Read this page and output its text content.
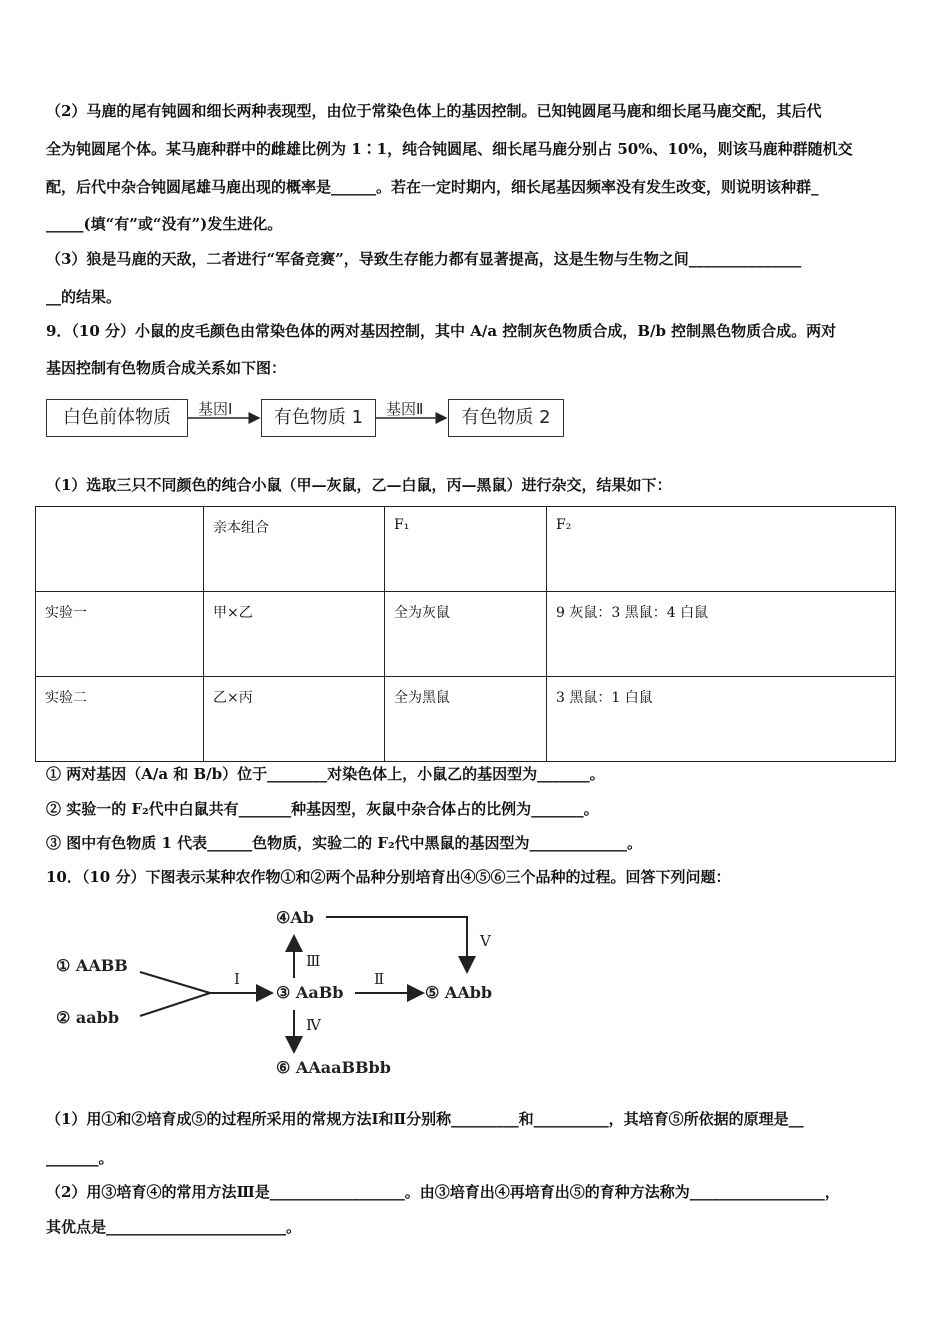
（2）马鹿的尾有钝圆和细长两种表现型，由位于常染色体上的基因控制。已知钝圆尾马鹿和细长尾马鹿交配，其后代
全为钝圆尾个体。某马鹿种群中的雌雄比例为 1∶1，纯合钝圆尾、细长尾马鹿分别占 50%、10%，则该马鹿种群随机交
配，后代中杂合钝圆尾雄马鹿出现的概率是______。若在一定时期内，细长尾基因频率没有发生改变，则说明该种群_
_____(填“有”或“没有”)发生进化。
（3）狼是马鹿的天敌，二者进行“军备竞赛”，导致生存能力都有显著提高，这是生物与生物之间_______________
__的结果。
9．（10 分）小鼠的皮毛颜色由常染色体的两对基因控制，其中 A/a 控制灰色物质合成，B/b 控制黑色物质合成。两对
基因控制有色物质合成关系如下图：
白色前体物质	有色物质 1	有色物质 2
基因Ⅰ	基因Ⅱ
（1）选取三只不同颜色的纯合小鼠（甲—灰鼠，乙—白鼠，丙—黑鼠）进行杂交，结果如下：
	亲本组合	F₁	F₂
实验一	甲×乙	全为灰鼠	9 灰鼠：3 黑鼠：4 白鼠
实验二	乙×丙	全为黑鼠	3 黑鼠：1 白鼠
① 两对基因（A/a 和 B/b）位于________对染色体上，小鼠乙的基因型为_______。
② 实验一的 F₂代中白鼠共有_______种基因型，灰鼠中杂合体占的比例为_______。
③ 图中有色物质 1 代表______色物质，实验二的 F₂代中黑鼠的基因型为_____________。
10．（10 分）下图表示某种农作物①和②两个品种分别培育出④⑤⑥三个品种的过程。回答下列问题：
① AABB
② aabb
③ AaBb
④Ab
⑤ AAbb
⑥ AAaaBBbb
Ⅰ	Ⅱ
Ⅲ
Ⅳ
Ⅴ
（1）用①和②培育成⑤的过程所采用的常规方法Ⅰ和Ⅱ分别称_________和__________，其培育⑤所依据的原理是__
_______。
（2）用③培育④的常用方法Ⅲ是__________________。由③培育出④再培育出⑤的育种方法称为__________________，
其优点是________________________。
